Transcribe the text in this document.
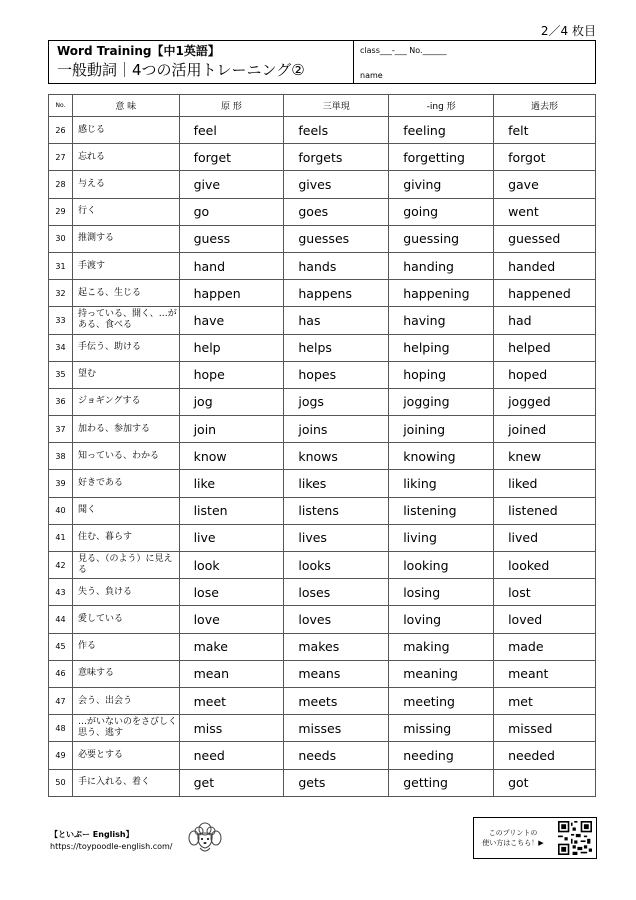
2／4 枚目
Word Training【中1英語】
一般動詞｜4つの活用トレーニング②
class___-___ No.______
name
No.	意 味	原 形	三単現	-ing 形	過去形
26	感じる	feel	feels	feeling	felt
27	忘れる	forget	forgets	forgetting	forgot
28	与える	give	gives	giving	gave
29	行く	go	goes	going	went
30	推測する	guess	guesses	guessing	guessed
31	手渡す	hand	hands	handing	handed
32	起こる、生じる	happen	happens	happening	happened
33	持っている、開く、…がある、食べる	have	has	having	had
34	手伝う、助ける	help	helps	helping	helped
35	望む	hope	hopes	hoping	hoped
36	ジョギングする	jog	jogs	jogging	jogged
37	加わる、参加する	join	joins	joining	joined
38	知っている、わかる	know	knows	knowing	knew
39	好きである	like	likes	liking	liked
40	聞く	listen	listens	listening	listened
41	住む、暮らす	live	lives	living	lived
42	見る、（のよう）に見える	look	looks	looking	looked
43	失う、負ける	lose	loses	losing	lost
44	愛している	love	loves	loving	loved
45	作る	make	makes	making	made
46	意味する	mean	means	meaning	meant
47	会う、出会う	meet	meets	meeting	met
48	…がいないのをさびしく思う、逃す	miss	misses	missing	missed
49	必要とする	need	needs	needing	needed
50	手に入れる、着く	get	gets	getting	got
【といぷー English】
https://toypoodle-english.com/
このプリントの
使い方はこちら！▶
